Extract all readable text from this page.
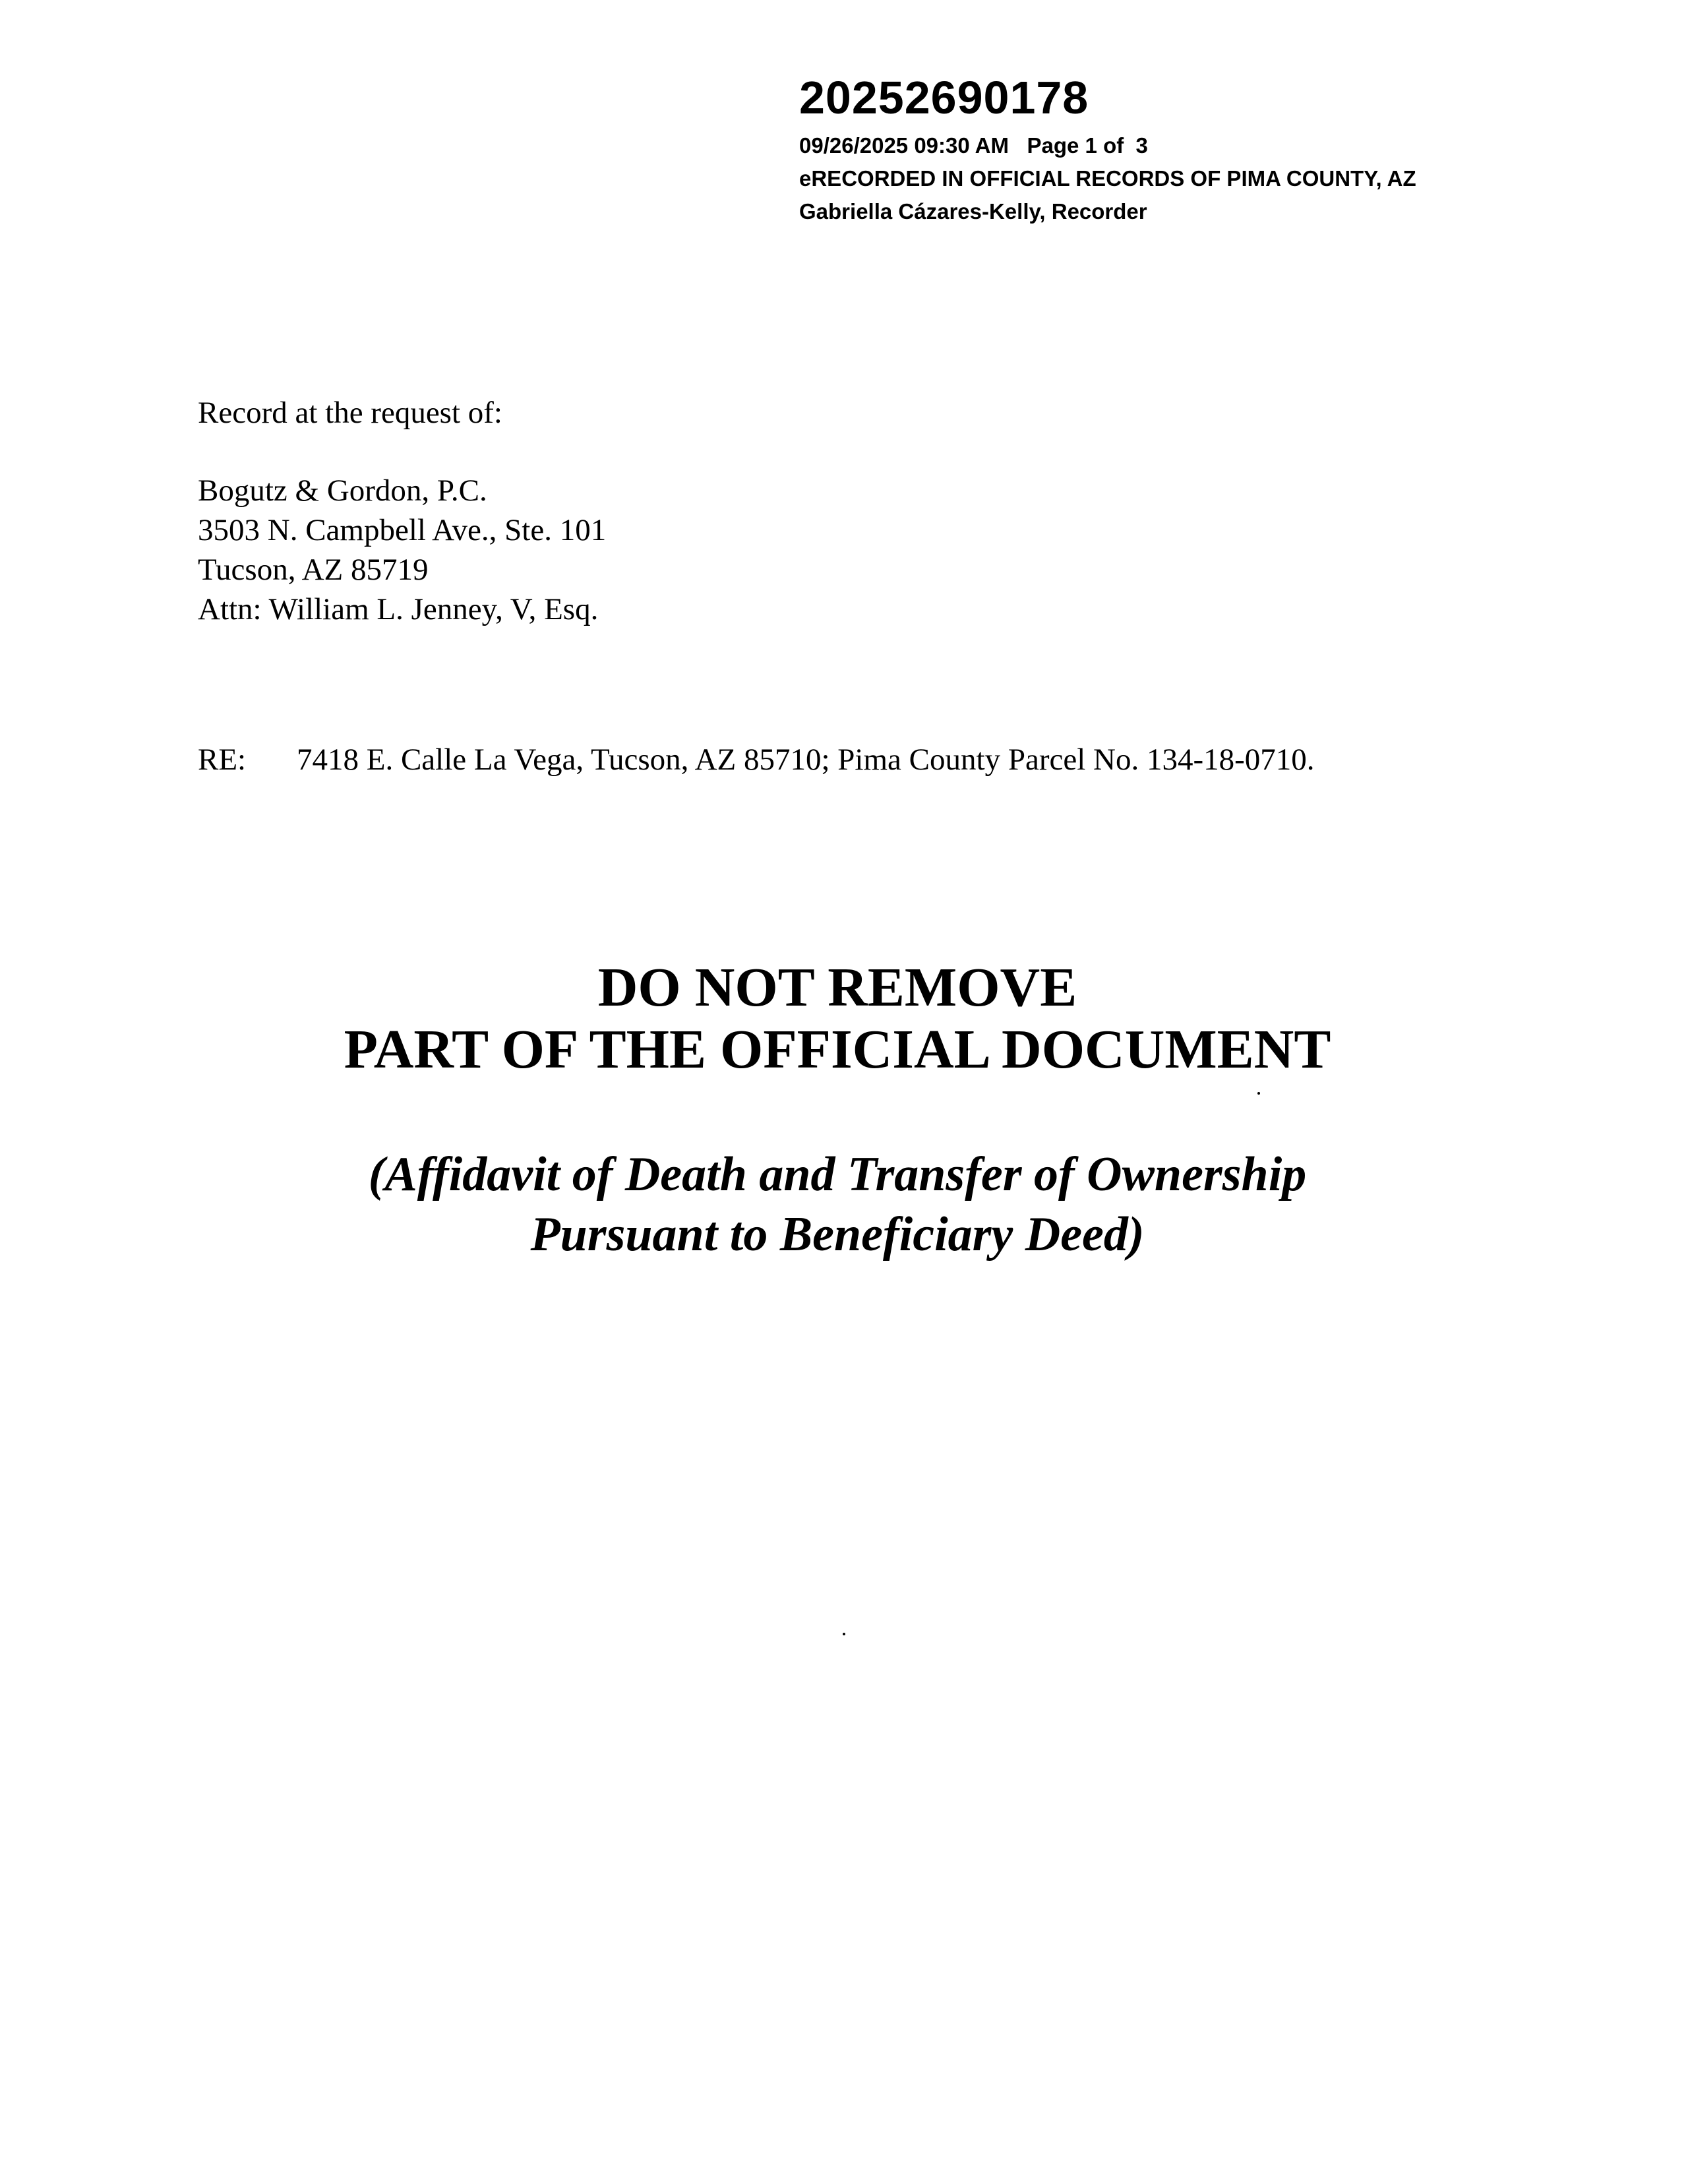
20252690178
09/26/2025 09:30 AM   Page 1 of  3
eRECORDED IN OFFICIAL RECORDS OF PIMA COUNTY, AZ
Gabriella Cázares-Kelly, Recorder
Record at the request of:
Bogutz & Gordon, P.C.
3503 N. Campbell Ave., Ste. 101
Tucson, AZ 85719
Attn: William L. Jenney, V, Esq.
RE: 7418 E. Calle La Vega, Tucson, AZ 85710; Pima County Parcel No. 134-18-0710.
DO NOT REMOVE
PART OF THE OFFICIAL DOCUMENT
(Affidavit of Death and Transfer of Ownership
Pursuant to Beneficiary Deed)
